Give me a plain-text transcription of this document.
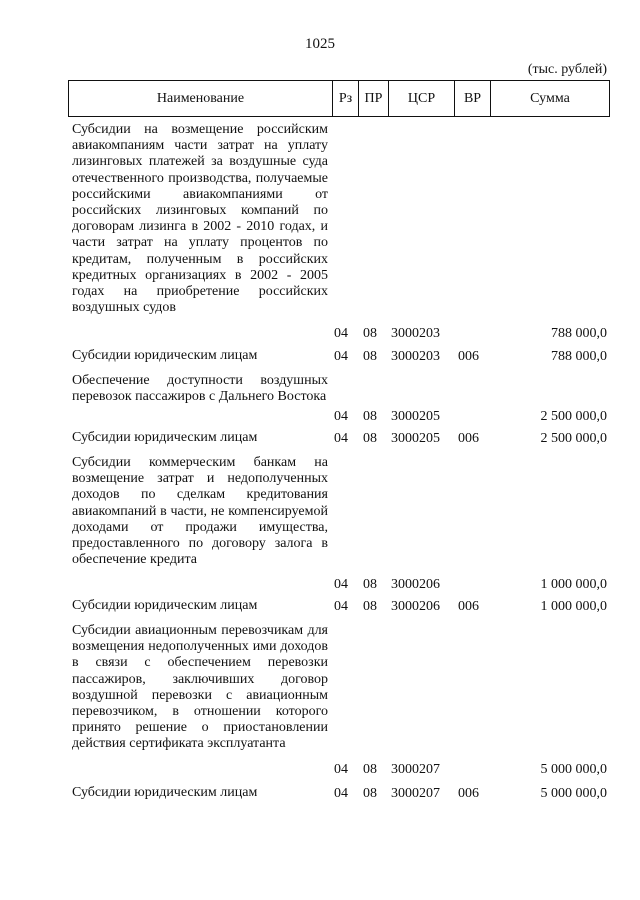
1025
(тыс. рублей)
Наименование	Рз ПР	ЦСР	ВР	Сумма
Субсидии на возмещение российским авиакомпаниям части затрат на уплату лизинговых платежей за воздушные суда отечественного производства, получаемые российскими авиакомпаниями от российских лизинговых компаний по договорам лизинга в 2002 - 2010 годах, и части затрат на уплату процентов по кредитам, полученным в российских кредитных организациях в 2002 - 2005 годах на приобретение российских воздушных судов
04 08 3000203	788 000,0
Субсидии юридическим лицам	04 08 3000203 006	788 000,0
Обеспечение доступности воздушных перевозок пассажиров с Дальнего Востока
04 08 3000205	2 500 000,0
Субсидии юридическим лицам	04 08 3000205 006	2 500 000,0
Субсидии коммерческим банкам на возмещение затрат и недополученных доходов по сделкам кредитования авиакомпаний в части, не компенсируемой доходами от продажи имущества, предоставленного по договору залога в обеспечение кредита
04 08 3000206	1 000 000,0
Субсидии юридическим лицам	04 08 3000206 006	1 000 000,0
Субсидии авиационным перевозчикам для возмещения недополученных ими доходов в связи с обеспечением перевозки пассажиров, заключивших договор воздушной перевозки с авиационным перевозчиком, в отношении которого принято решение о приостановлении действия сертификата эксплуатанта
04 08 3000207	5 000 000,0
Субсидии юридическим лицам	04 08 3000207 006	5 000 000,0
